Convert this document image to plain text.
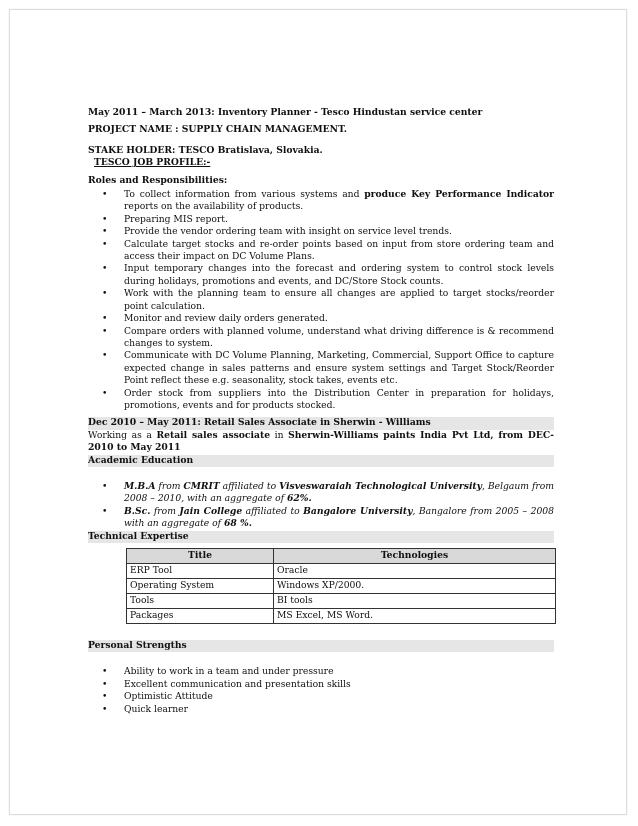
May 2011 – March 2013: Inventory Planner - Tesco Hindustan service center
PROJECT NAME : SUPPLY CHAIN MANAGEMENT.
STAKE HOLDER: TESCO Bratislava, Slovakia.
TESCO JOB PROFILE:-
Roles and Responsibilities:
• To collect information from various systems and produce Key Performance Indicator reports on the availability of products.
• Preparing MIS report.
• Provide the vendor ordering team with insight on service level trends.
• Calculate target stocks and re-order points based on input from store ordering team and access their impact on DC Volume Plans.
• Input temporary changes into the forecast and ordering system to control stock levels during holidays, promotions and events, and DC/Store Stock counts.
• Work with the planning team to ensure all changes are applied to target stocks/reorder point calculation.
• Monitor and review daily orders generated.
• Compare orders with planned volume, understand what driving difference is & recommend changes to system.
• Communicate with DC Volume Planning, Marketing, Commercial, Support Office to capture expected change in sales patterns and ensure system settings and Target Stock/Reorder Point reflect these e.g. seasonality, stock takes, events etc.
• Order stock from suppliers into the Distribution Center in preparation for holidays, promotions, events and for products stocked.
Dec 2010 – May 2011: Retail Sales Associate in Sherwin - Williams
Working as a Retail sales associate in Sherwin-Williams paints India Pvt Ltd, from DEC-2010 to May 2011
Academic Education
• M.B.A from CMRIT affiliated to Visveswaraiah Technological University, Belgaum from 2008 – 2010, with an aggregate of 62%.
• B.Sc. from Jain College affiliated to Bangalore University, Bangalore from 2005 – 2008 with an aggregate of 68 %.
Technical Expertise
Title	Technologies
ERP Tool	Oracle
Operating System	Windows XP/2000.
Tools	BI tools
Packages	MS Excel, MS Word.
Personal Strengths
• Ability to work in a team and under pressure
• Excellent communication and presentation skills
• Optimistic Attitude
• Quick learner
